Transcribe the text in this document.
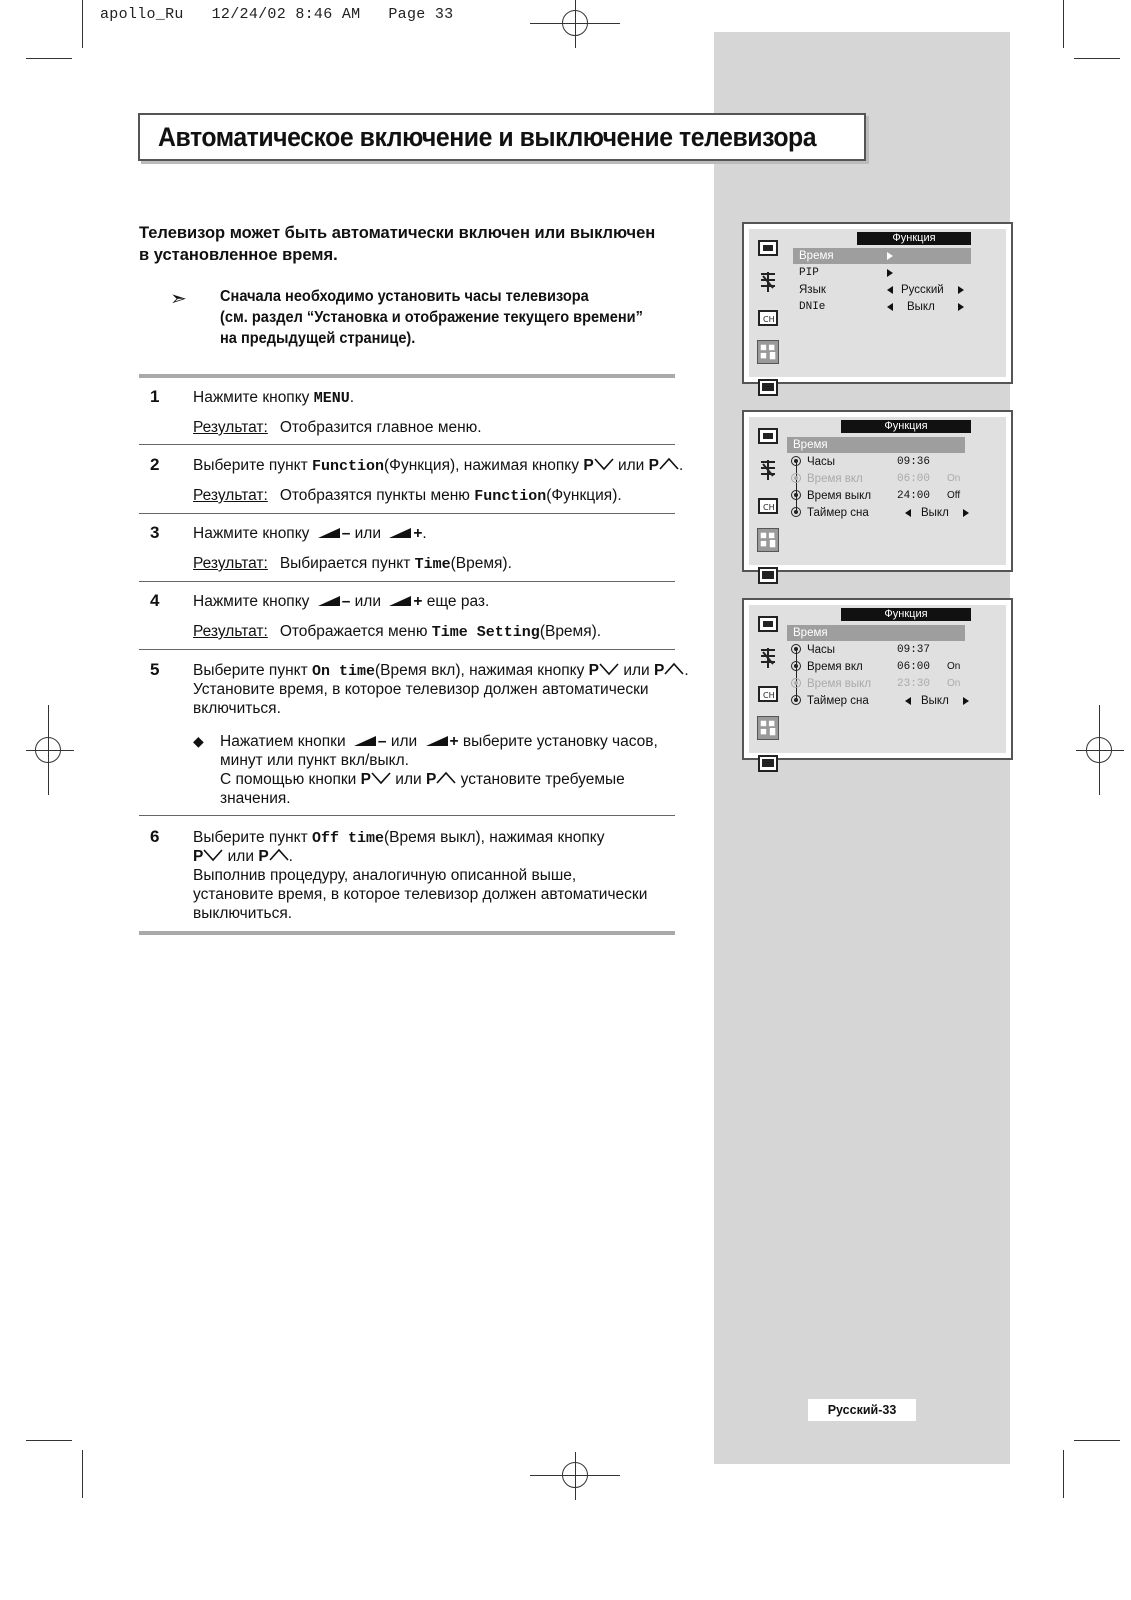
apollo_Ru   12/24/02 8:46 AM   Page 33
Автоматическое включение и выключение телевизора
Телевизор может быть автоматически включен или выключен
в установленное время.
➣ Сначала необходимо установить часы телевизора
(см. раздел “Установка и отображение текущего времени”
на предыдущей странице).
1 Нажмите кнопку MENU.
Результат: Отобразится главное меню.
2 Выберите пункт Function(Функция), нажимая кнопку P или P .
Результат: Отобразятся пункты меню Function(Функция).
3 Нажмите кнопку – или +.
Результат: Выбирается пункт Time(Время).
4 Нажмите кнопку – или + еще раз.
Результат: Отображается меню Time Setting(Время).
5 Выберите пункт On time(Время вкл), нажимая кнопку P или P .
Установите время, в которое телевизор должен автоматически
включиться.
◆ Нажатием кнопки – или + выберите установку часов,
минут или пункт вкл/выкл.
С помощью кнопки P или P установите требуемые
значения.
6 Выберите пункт Off time(Время выкл), нажимая кнопку
P или P .
Выполнив процедуру, аналогичную описанной выше,
установите время, в которое телевизор должен автоматически
выключиться.

CH

Функция
Время
PIP
Язык	Русский
DNIe	Выкл

CH

Функция
Время
Часы	09:36
Время вкл	06:00 On
Время выкл 24:00 Off
Таймер сна	Выкл

CH

Функция
Время
Часы	09:37
Время вкл	06:00 On
Время выкл 23:30 On
Таймер сна	Выкл
Русский-33
